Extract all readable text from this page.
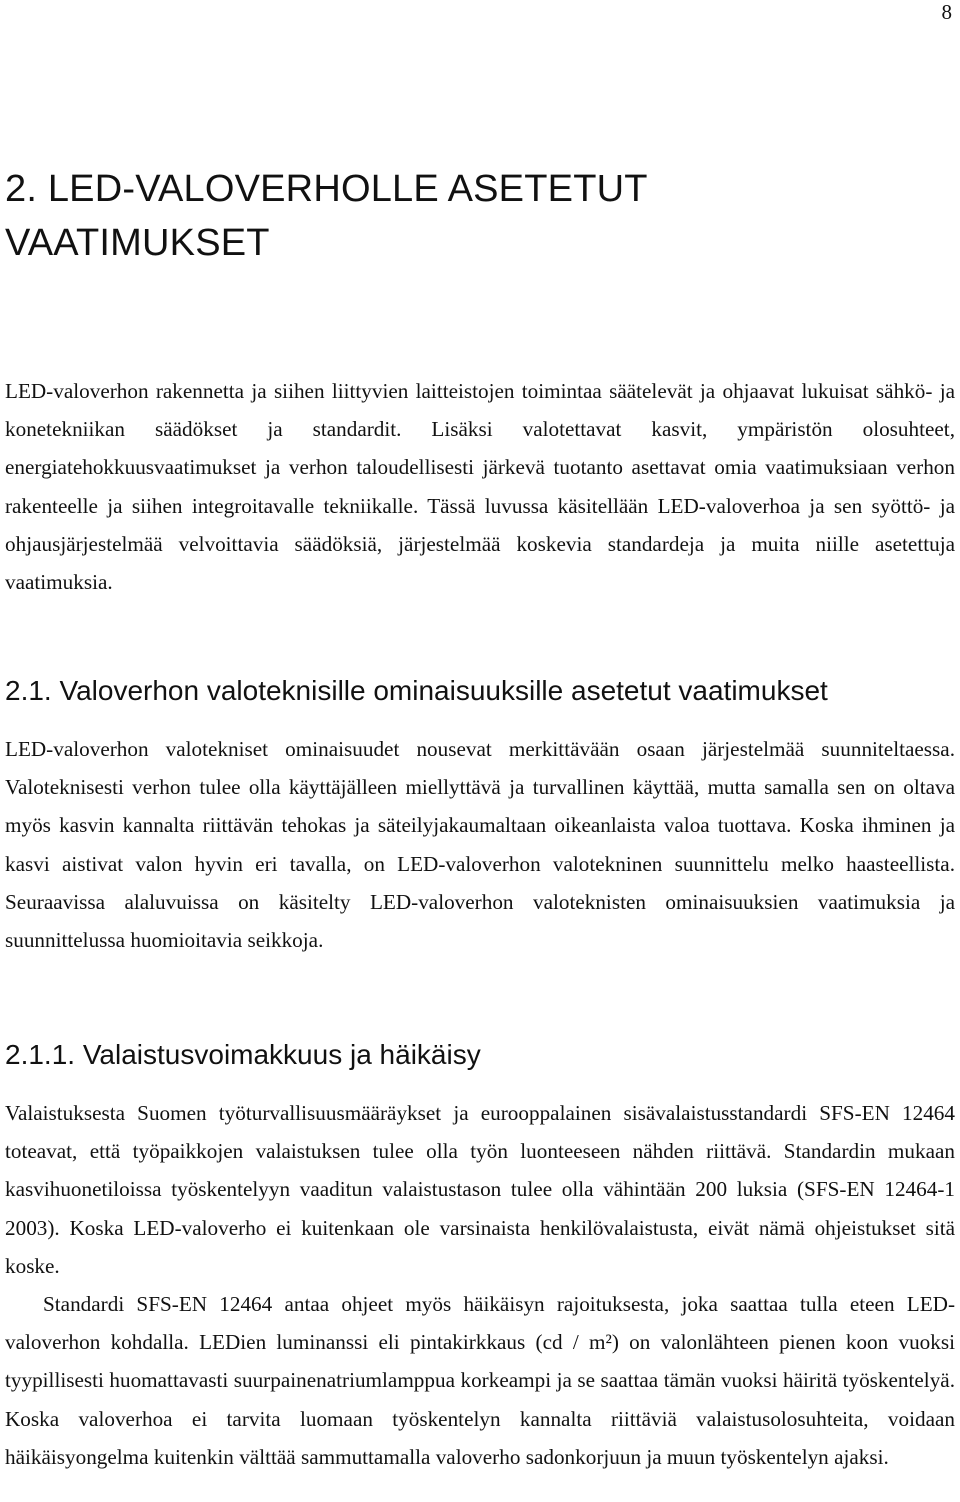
8
2. LED-VALOVERHOLLE ASETETUT VAATIMUKSET

LED-valoverhon rakennetta ja siihen liittyvien laitteistojen toimintaa säätelevät ja ohjaavat lukuisat sähkö- ja konetekniikan säädökset ja standardit. Lisäksi valotettavat kasvit, ympäristön olosuhteet, energiatehokkuusvaatimukset ja verhon taloudellisesti järkevä tuotanto asettavat omia vaatimuksiaan verhon rakenteelle ja siihen integroitavalle tekniikalle. Tässä luvussa käsitellään LED-valoverhoa ja sen syöttö- ja ohjausjärjestelmää velvoittavia säädöksiä, järjestelmää koskevia standardeja ja muita niille asetettuja vaatimuksia.

2.1. Valoverhon valoteknisille ominaisuuksille asetetut vaatimukset

LED-valoverhon valotekniset ominaisuudet nousevat merkittävään osaan järjestelmää suunniteltaessa. Valoteknisesti verhon tulee olla käyttäjälleen miellyttävä ja turvallinen käyttää, mutta samalla sen on oltava myös kasvin kannalta riittävän tehokas ja säteilyjakaumaltaan oikeanlaista valoa tuottava. Koska ihminen ja kasvi aistivat valon hyvin eri tavalla, on LED-valoverhon valotekninen suunnittelu melko haasteellista. Seuraavissa alaluvuissa on käsitelty LED-valoverhon valoteknisten ominaisuuksien vaatimuksia ja suunnittelussa huomioitavia seikkoja.

2.1.1. Valaistusvoimakkuus ja häikäisy

Valaistuksesta Suomen työturvallisuusmääräykset ja eurooppalainen sisävalaistusstandardi SFS-EN 12464 toteavat, että työpaikkojen valaistuksen tulee olla työn luonteeseen nähden riittävä. Standardin mukaan kasvihuonetiloissa työskentelyyn vaaditun valaistustason tulee olla vähintään 200 luksia (SFS-EN 12464-1 2003). Koska LED-valoverho ei kuitenkaan ole varsinaista henkilövalaistusta, eivät nämä ohjeistukset sitä koske.

Standardi SFS-EN 12464 antaa ohjeet myös häikäisyn rajoituksesta, joka saattaa tulla eteen LED-valoverhon kohdalla. LEDien luminanssi eli pintakirkkaus (cd / m²) on valonlähteen pienen koon vuoksi tyypillisesti huomattavasti suurpainenatriumlamppua korkeampi ja se saattaa tämän vuoksi häiritä työskentelyä. Koska valoverhoa ei tarvita luomaan työskentelyn kannalta riittäviä valaistusolosuhteita, voidaan häikäisyongelma kuitenkin välttää sammuttamalla valoverho sadonkorjuun ja muun työskentelyn ajaksi.
